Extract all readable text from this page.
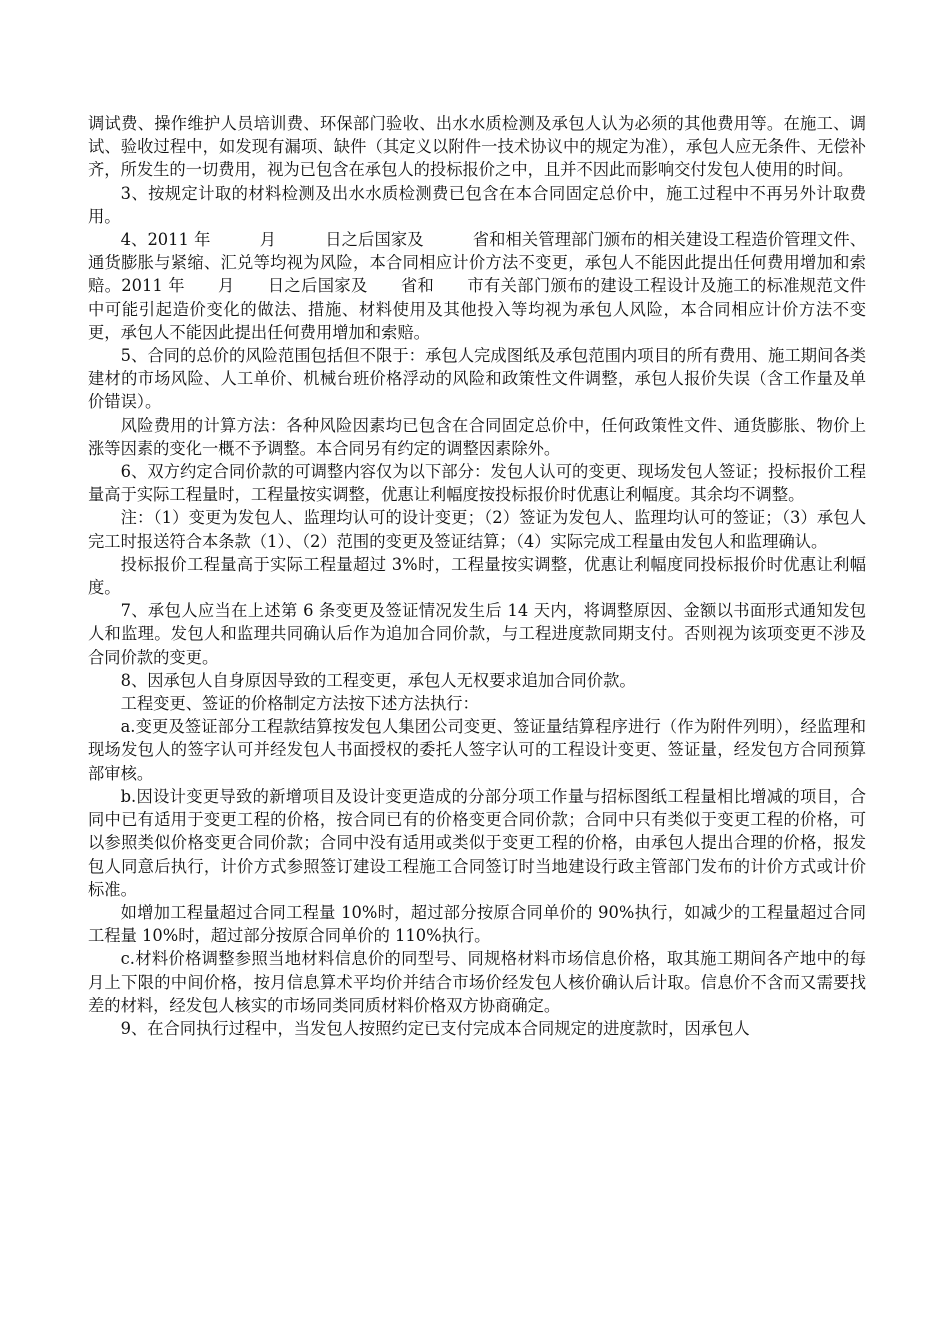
调试费、操作维护人员培训费、环保部门验收、出水水质检测及承包人认为必须的其他费用等。在施工、调试、验收过程中，如发现有漏项、缺件（其定义以附件一技术协议中的规定为准），承包人应无条件、无偿补齐，所发生的一切费用，视为已包含在承包人的投标报价之中，且并不因此而影响交付发包人使用的时间。

3、按规定计取的材料检测及出水水质检测费已包含在本合同固定总价中，施工过程中不再另外计取费用。

4、2011 年　　　月　　　日之后国家及　　　省和相关管理部门颁布的相关建设工程造价管理文件、通货膨胀与紧缩、汇兑等均视为风险，本合同相应计价方法不变更，承包人不能因此提出任何费用增加和索赔。2011 年　　月　　日之后国家及　　省和　　市有关部门颁布的建设工程设计及施工的标准规范文件中可能引起造价变化的做法、措施、材料使用及其他投入等均视为承包人风险，本合同相应计价方法不变更，承包人不能因此提出任何费用增加和索赔。

5、合同的总价的风险范围包括但不限于：承包人完成图纸及承包范围内项目的所有费用、施工期间各类建材的市场风险、人工单价、机械台班价格浮动的风险和政策性文件调整，承包人报价失误（含工作量及单价错误）。

风险费用的计算方法：各种风险因素均已包含在合同固定总价中，任何政策性文件、通货膨胀、物价上涨等因素的变化一概不予调整。本合同另有约定的调整因素除外。

6、双方约定合同价款的可调整内容仅为以下部分：发包人认可的变更、现场发包人签证；投标报价工程量高于实际工程量时，工程量按实调整，优惠让利幅度按投标报价时优惠让利幅度。其余均不调整。

注：（1）变更为发包人、监理均认可的设计变更；（2）签证为发包人、监理均认可的签证；（3）承包人完工时报送符合本条款（1）、（2）范围的变更及签证结算；（4）实际完成工程量由发包人和监理确认。

投标报价工程量高于实际工程量超过 3%时，工程量按实调整，优惠让利幅度同投标报价时优惠让利幅度。

7、承包人应当在上述第 6 条变更及签证情况发生后 14 天内，将调整原因、金额以书面形式通知发包人和监理。发包人和监理共同确认后作为追加合同价款，与工程进度款同期支付。否则视为该项变更不涉及合同价款的变更。

8、因承包人自身原因导致的工程变更，承包人无权要求追加合同价款。

工程变更、签证的价格制定方法按下述方法执行：

a.变更及签证部分工程款结算按发包人集团公司变更、签证量结算程序进行（作为附件列明），经监理和现场发包人的签字认可并经发包人书面授权的委托人签字认可的工程设计变更、签证量，经发包方合同预算部审核。

b.因设计变更导致的新增项目及设计变更造成的分部分项工作量与招标图纸工程量相比增减的项目，合同中已有适用于变更工程的价格，按合同已有的价格变更合同价款；合同中只有类似于变更工程的价格，可以参照类似价格变更合同价款；合同中没有适用或类似于变更工程的价格，由承包人提出合理的价格，报发包人同意后执行，计价方式参照签订建设工程施工合同签订时当地建设行政主管部门发布的计价方式或计价标准。

如增加工程量超过合同工程量 10%时，超过部分按原合同单价的 90%执行，如减少的工程量超过合同工程量 10%时，超过部分按原合同单价的 110%执行。

c.材料价格调整参照当地材料信息价的同型号、同规格材料市场信息价格，取其施工期间各产地中的每月上下限的中间价格，按月信息算术平均价并结合市场价经发包人核价确认后计取。信息价不含而又需要找差的材料，经发包人核实的市场同类同质材料价格双方协商确定。

9、在合同执行过程中，当发包人按照约定已支付完成本合同规定的进度款时，因承包人
